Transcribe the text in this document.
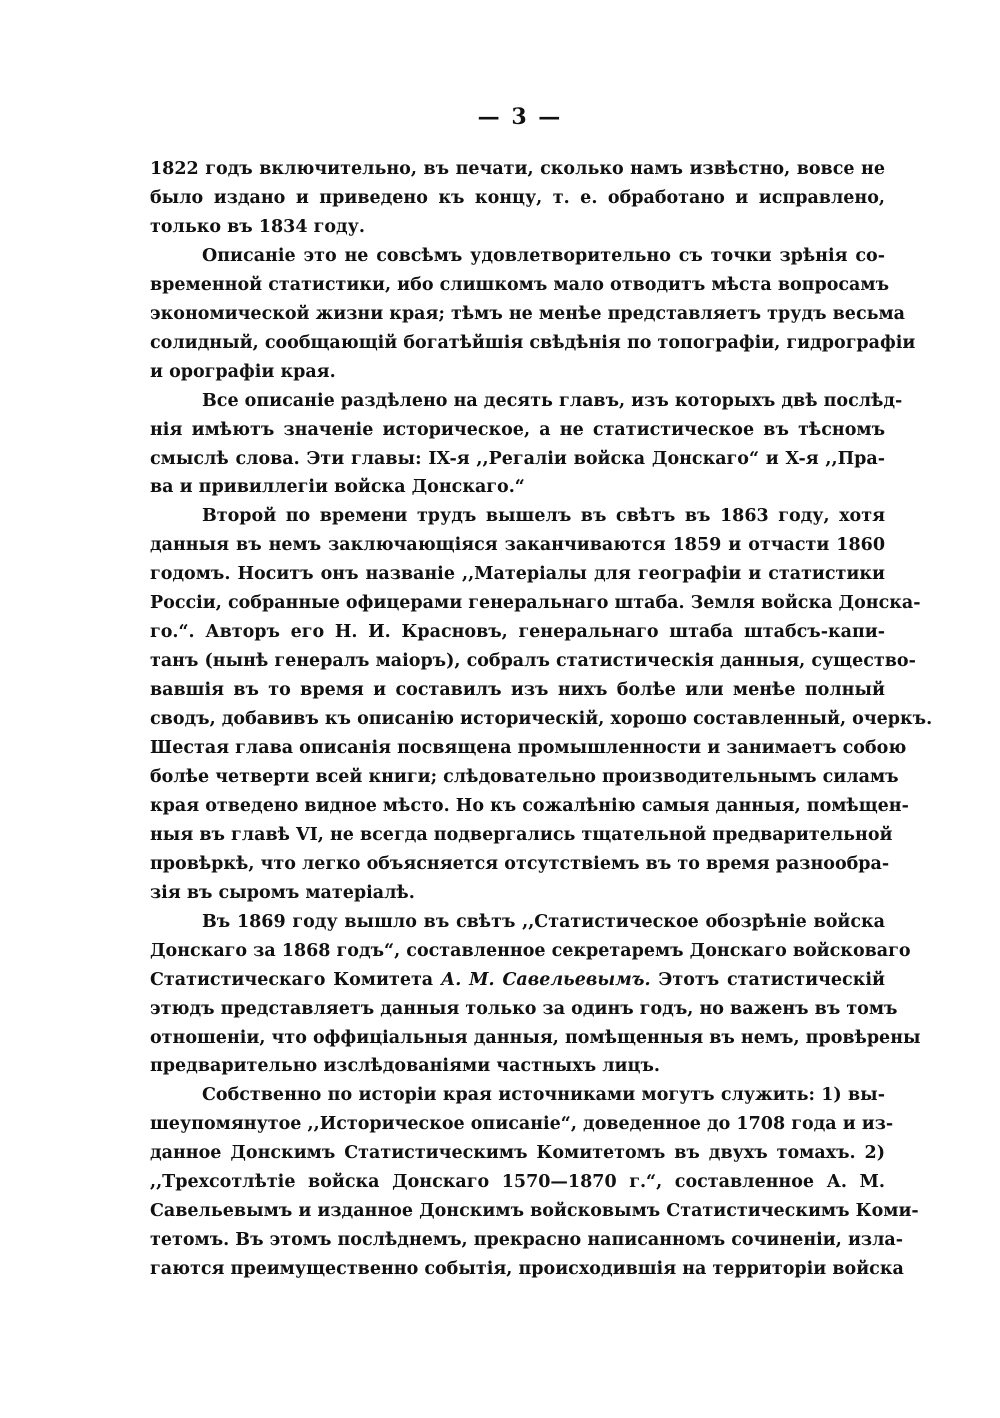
— 3 —
1822 годъ включительно, въ печати, сколько намъ извѣстно, вовсе не
было издано и приведено къ концу, т. е. обработано и исправлено,
только въ 1834 году.
Описаніе это не совсѣмъ удовлетворительно съ точки зрѣнія со-
временной статистики, ибо слишкомъ мало отводитъ мѣста вопросамъ
экономической жизни края; тѣмъ не менѣе представляетъ трудъ весьма
солидный, сообщающій богатѣйшія свѣдѣнія по топографіи, гидрографіи
и орографіи края.
Все описаніе раздѣлено на десять главъ, изъ которыхъ двѣ послѣд-
нія имѣютъ значеніе историческое, а не статистическое въ тѣсномъ
смыслѣ слова. Эти главы: IX-я ,,Регаліи войска Донскаго“ и X-я ,,Пра-
ва и привиллегіи войска Донскаго.“
Второй по времени трудъ вышелъ въ свѣтъ въ 1863 году, хотя
данныя въ немъ заключающіяся заканчиваются 1859 и отчасти 1860
годомъ. Носитъ онъ названіе ,,Матеріалы для географіи и статистики
Россіи, собранные офицерами генеральнаго штаба. Земля войска Донска-
го.“. Авторъ его Н. И. Красновъ, генеральнаго штаба штабсъ-капи-
танъ (нынѣ генералъ маіоръ), собралъ статистическія данныя, существо-
вавшія въ то время и составилъ изъ нихъ болѣе или менѣе полный
сводъ, добавивъ къ описанію историческій, хорошо составленный, очеркъ.
Шестая глава описанія посвящена промышленности и занимаетъ собою
болѣе четверти всей книги; слѣдовательно производительнымъ силамъ
края отведено видное мѣсто. Но къ сожалѣнію самыя данныя, помѣщен-
ныя въ главѣ VI, не всегда подвергались тщательной предварительной
провѣркѣ, что легко объясняется отсутствіемъ въ то время разнообра-
зія въ сыромъ матеріалѣ.
Въ 1869 году вышло въ свѣтъ ,,Статистическое обозрѣніе войска
Донскаго за 1868 годъ“, составленное секретаремъ Донскаго войсковаго
Статистическаго Комитета А. М. Савельевымъ. Этотъ статистическій
этюдъ представляетъ данныя только за одинъ годъ, но важенъ въ томъ
отношеніи, что оффиціальныя данныя, помѣщенныя въ немъ, провѣрены
предварительно изслѣдованіями частныхъ лицъ.
Собственно по исторіи края источниками могутъ служить: 1) вы-
шеупомянутое ,,Историческое описаніе“, доведенное до 1708 года и из-
данное Донскимъ Статистическимъ Комитетомъ въ двухъ томахъ. 2)
,,Трехсотлѣтіе войска Донскаго 1570—1870 г.“, составленное А. М.
Савельевымъ и изданное Донскимъ войсковымъ Статистическимъ Коми-
тетомъ. Въ этомъ послѣднемъ, прекрасно написанномъ сочиненіи, изла-
гаются преимущественно событія, происходившія на территоріи войска
